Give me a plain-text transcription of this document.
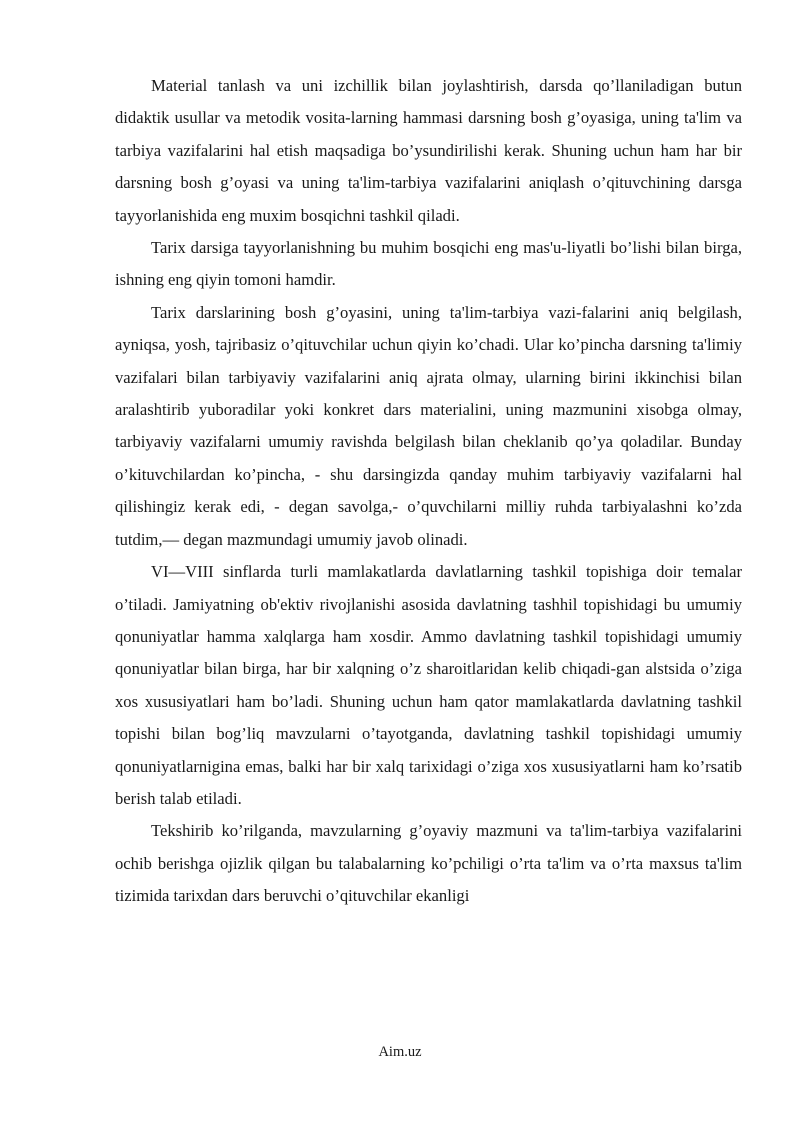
Material tanlash va uni izchillik bilan joylashtirish, darsda qo’llaniladigan butun didaktik usullar va metodik vosita-larning hammasi darsning bosh g’oyasiga, uning ta'lim va tarbiya vazifalarini hal etish maqsadiga bo’ysundirilishi kerak. Shuning uchun ham har bir darsning bosh g’oyasi va uning ta'lim-tarbiya vazifalarini aniqlash o’qituvchining darsga tayyorlanishida eng muxim bosqichni tashkil qiladi.

Tarix darsiga tayyorlanishning bu muhim bosqichi eng mas'u-liyatli bo’lishi bilan birga, ishning eng qiyin tomoni hamdir.

Tarix darslarining bosh g’oyasini, uning ta'lim-tarbiya vazi-falarini aniq belgilash, ayniqsa, yosh, tajribasiz o’qituvchilar uchun qiyin ko’chadi. Ular ko’pincha darsning ta'limiy vazifalari bilan tarbiyaviy vazifalarini aniq ajrata olmay, ularning birini ikkinchisi bilan aralashtirib yuboradilar yoki konkret dars materialini, uning mazmunini xisobga olmay, tarbiyaviy vazifalarni umumiy ravishda belgilash bilan cheklanib qo’ya qoladilar. Bunday o’kituvchilardan ko’pincha, - shu darsingizda qanday muhim tarbiyaviy vazifalarni hal qilishingiz kerak edi, - degan savolga,- o’quvchilarni milliy ruhda tarbiyalashni ko’zda tutdim,— degan mazmundagi umumiy javob olinadi.

VI—VIII sinflarda turli mamlakatlarda davlatlarning tashkil topishiga doir temalar o’tiladi. Jamiyatning ob'ektiv rivojlanishi asosida davlatning tashhil topishidagi bu umumiy qonuniyatlar hamma xalqlarga ham xosdir. Ammo davlatning tashkil topishidagi umumiy qonuniyatlar bilan birga, har bir xalqning o’z sharoitlaridan kelib chiqadi-gan alstsida o’ziga xos xususiyatlari ham bo’ladi. Shuning uchun ham qator mamlakatlarda davlatning tashkil topishi bilan bog’liq mavzularni o’tayotganda, davlatning tashkil topishidagi umumiy qonuniyatlarnigina emas, balki har bir xalq tarixidagi o’ziga xos xususiyatlarni ham ko’rsatib berish talab etiladi.

Tekshirib ko’rilganda, mavzularning g’oyaviy mazmuni va ta'lim-tarbiya vazifalarini ochib berishga ojizlik qilgan bu talabalarning ko’pchiligi o’rta ta'lim va o’rta maxsus ta'lim tizimida tarixdan dars beruvchi o’qituvchilar ekanligi

Aim.uz
